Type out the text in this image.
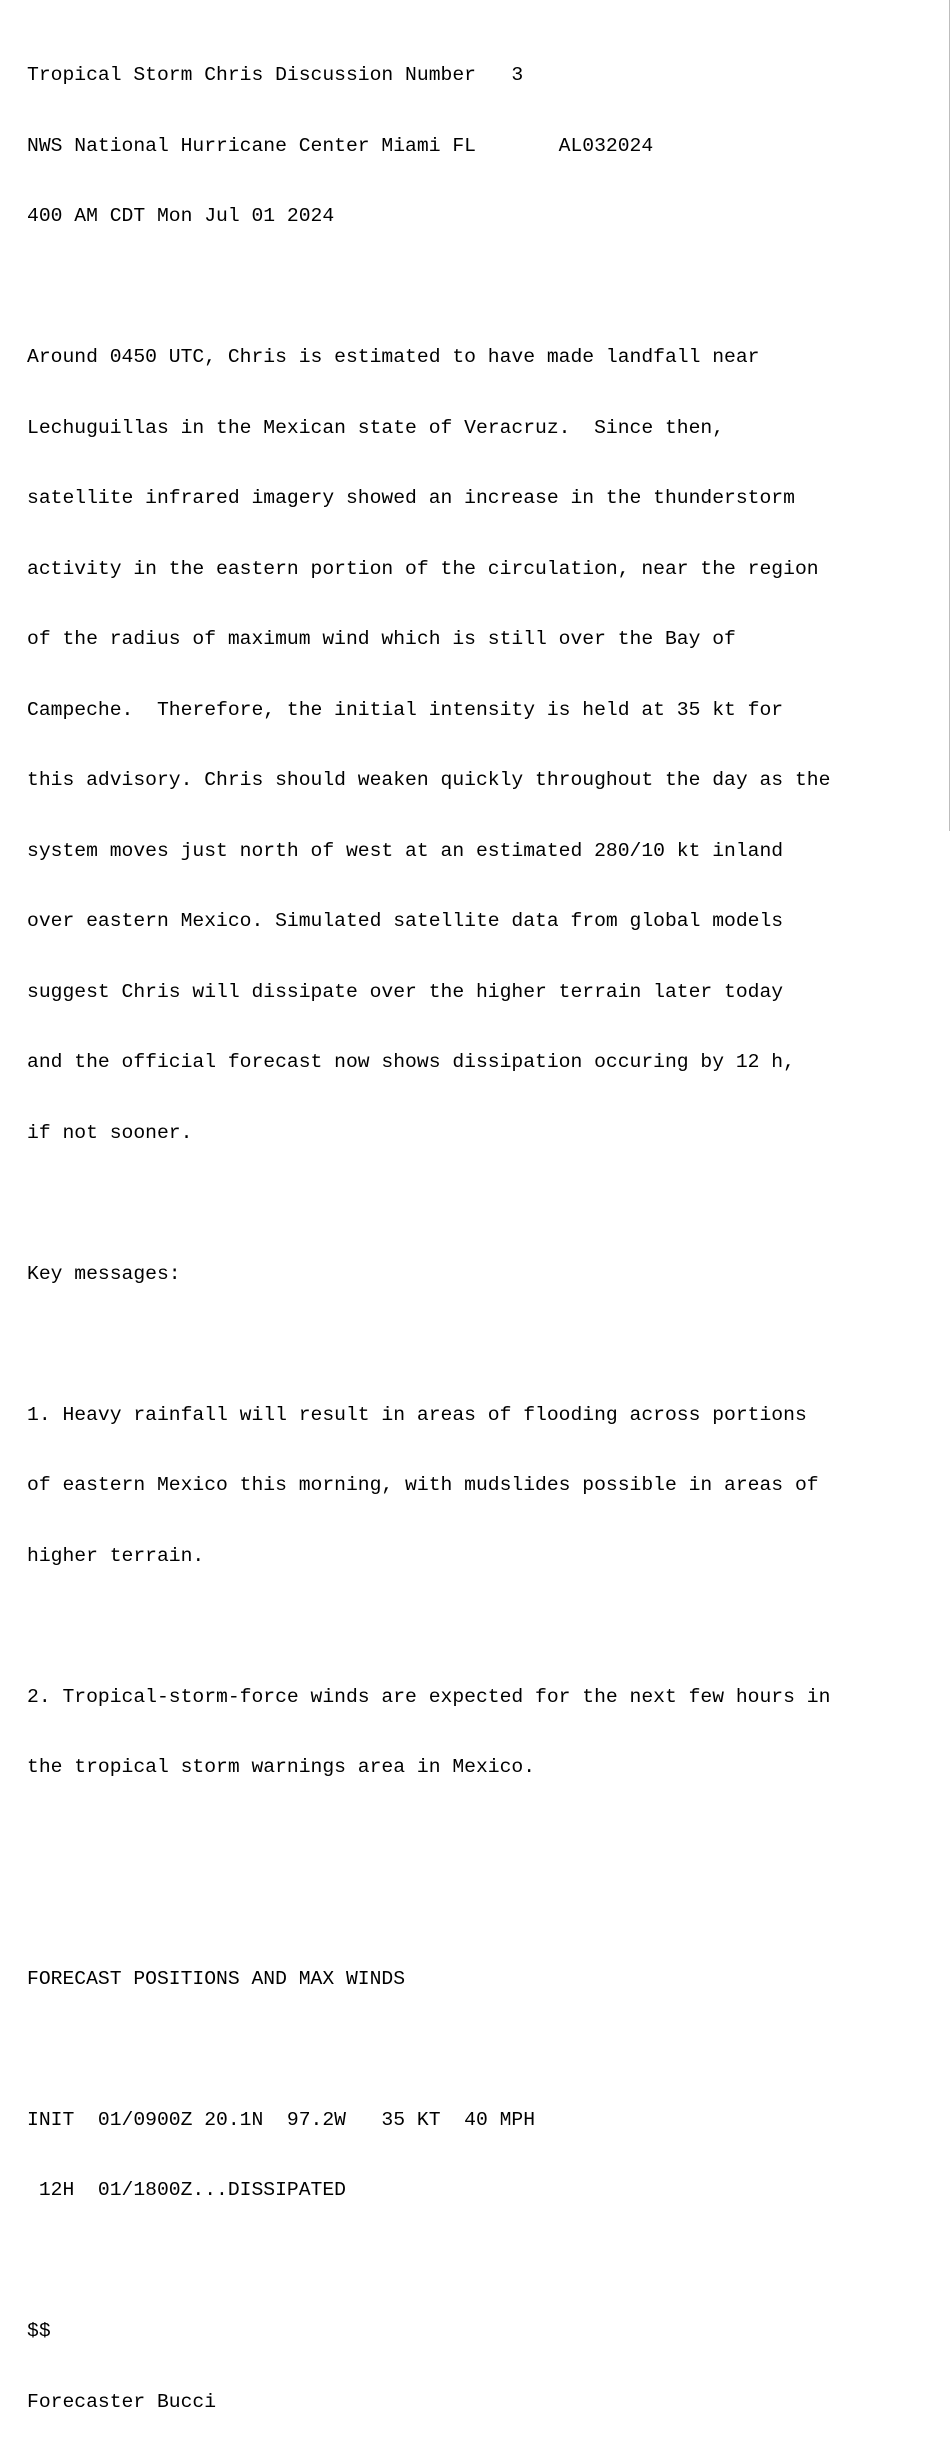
Tropical Storm Chris Discussion Number   3

NWS National Hurricane Center Miami FL       AL032024

400 AM CDT Mon Jul 01 2024

Around 0450 UTC, Chris is estimated to have made landfall near

Lechuguillas in the Mexican state of Veracruz.  Since then,

satellite infrared imagery showed an increase in the thunderstorm

activity in the eastern portion of the circulation, near the region

of the radius of maximum wind which is still over the Bay of

Campeche.  Therefore, the initial intensity is held at 35 kt for

this advisory. Chris should weaken quickly throughout the day as the

system moves just north of west at an estimated 280/10 kt inland

over eastern Mexico. Simulated satellite data from global models

suggest Chris will dissipate over the higher terrain later today

and the official forecast now shows dissipation occuring by 12 h,

if not sooner.

Key messages:

1. Heavy rainfall will result in areas of flooding across portions

of eastern Mexico this morning, with mudslides possible in areas of

higher terrain.

2. Tropical-storm-force winds are expected for the next few hours in

the tropical storm warnings area in Mexico.

FORECAST POSITIONS AND MAX WINDS

INIT  01/0900Z 20.1N  97.2W   35 KT  40 MPH

12H  01/1800Z...DISSIPATED

$$

Forecaster Bucci
